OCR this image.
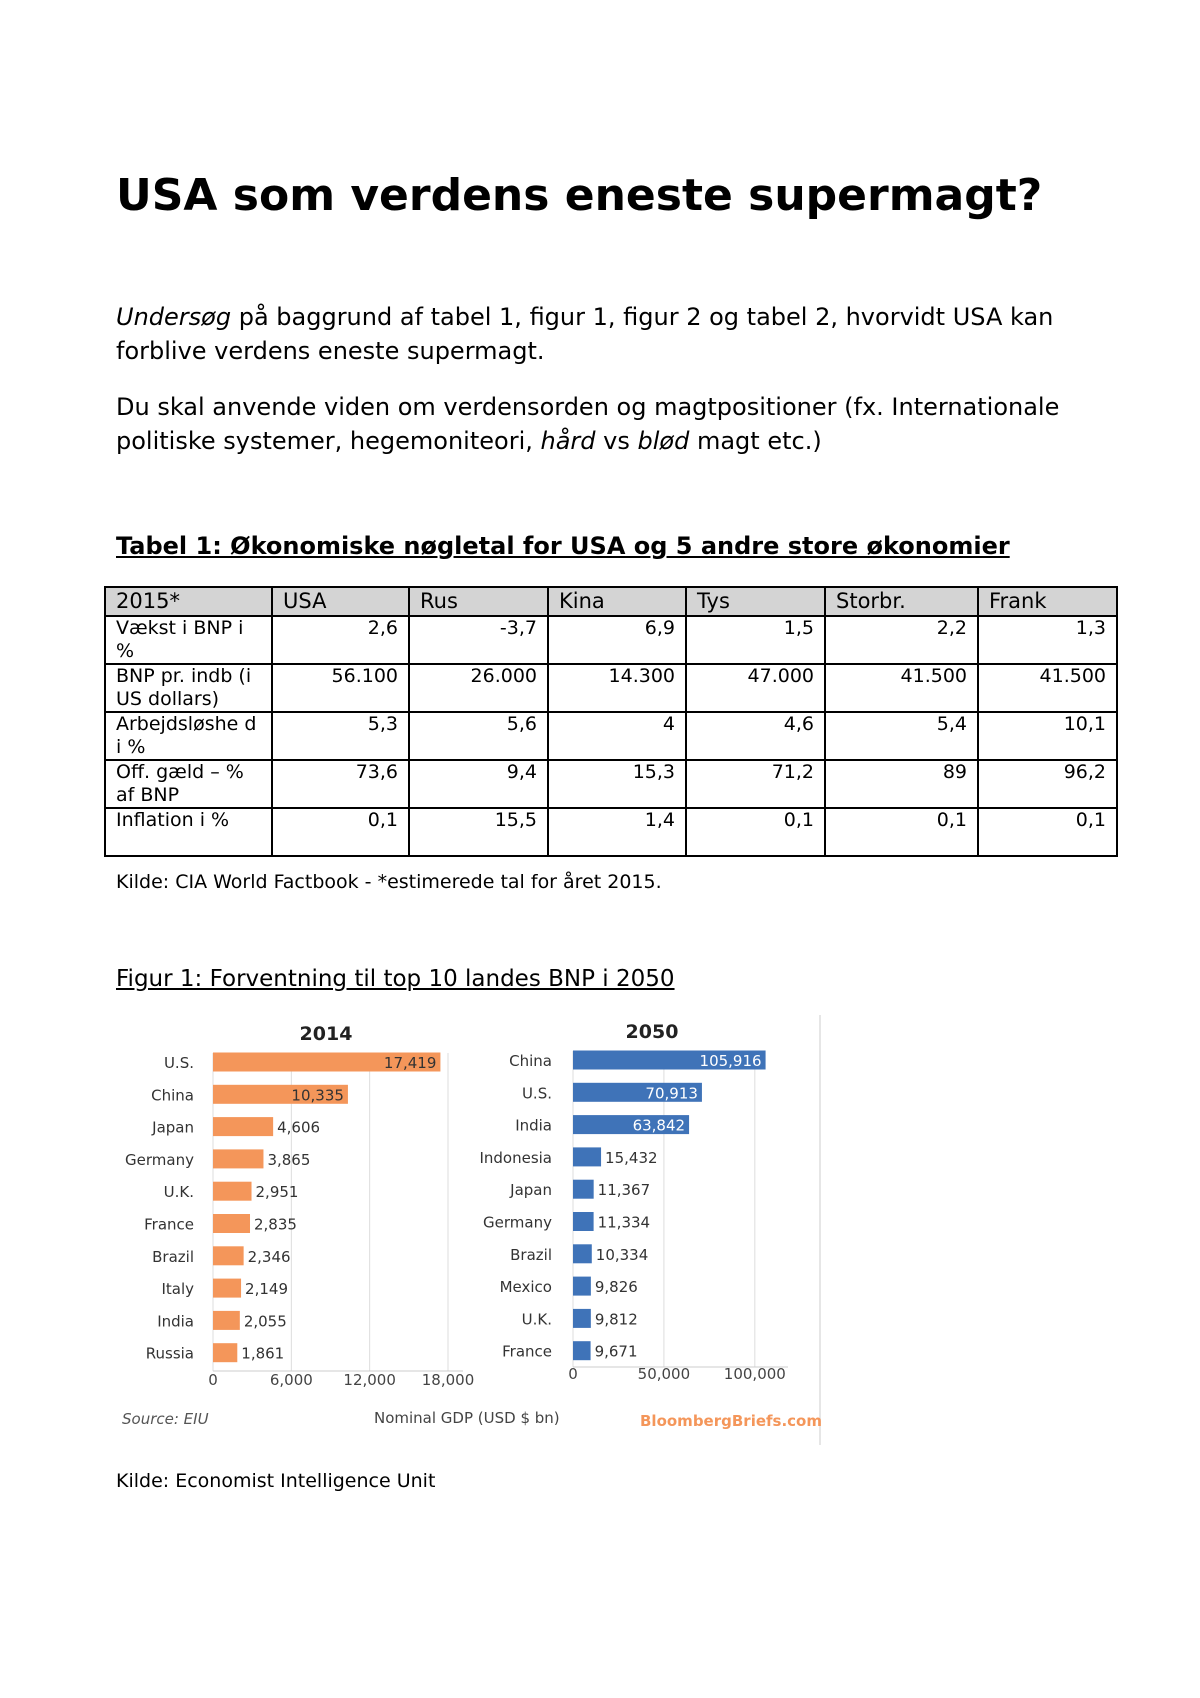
USA som verdens eneste supermagt?

Undersøg på baggrund af tabel 1, figur 1, figur 2 og tabel 2, hvorvidt USA kan forblive verdens eneste supermagt.

Du skal anvende viden om verdensorden og magtpositioner (fx. Internationale politiske systemer, hegemoniteori, hård vs blød magt etc.)

Tabel 1: Økonomiske nøgletal for USA og 5 andre store økonomier
2015*	USA	Rus	Kina	Tys	Storbr.	Frank
Vækst i BNP i %	2,6	-3,7	6,9	1,5	2,2	1,3
BNP pr. indb (i US dollars)	56.100	26.000	14.300	47.000	41.500	41.500
Arbejdsløshe d i %	5,3	5,6	4	4,6	5,4	10,1
Off. gæld – % af BNP	73,6	9,4	15,3	71,2	89	96,2
Inflation i %	0,1	15,5	1,4	0,1	0,1	0,1

Kilde: CIA World Factbook - *estimerede tal for året 2015.

Figur 1: Forventning til top 10 landes BNP i 2050
Source: EIU	Nominal GDP (USD $ bn)	BloombergBriefs.com
0	6,000 12,000 18,000
2014
U.S.	17,419
China	10,335
Japan	4,606
Germany	3,865
U.K.	2,951
France	2,835
Brazil	2,346
Italy	2,149
India	2,055
Russia	1,861
0	50,000 100,000
2050
China	105,916
U.S.	70,913
India	63,842
Indonesia	15,432
Japan	11,367
Germany	11,334
Brazil	10,334
Mexico	9,826
U.K.	9,812
France	9,671

Kilde: Economist Intelligence Unit
